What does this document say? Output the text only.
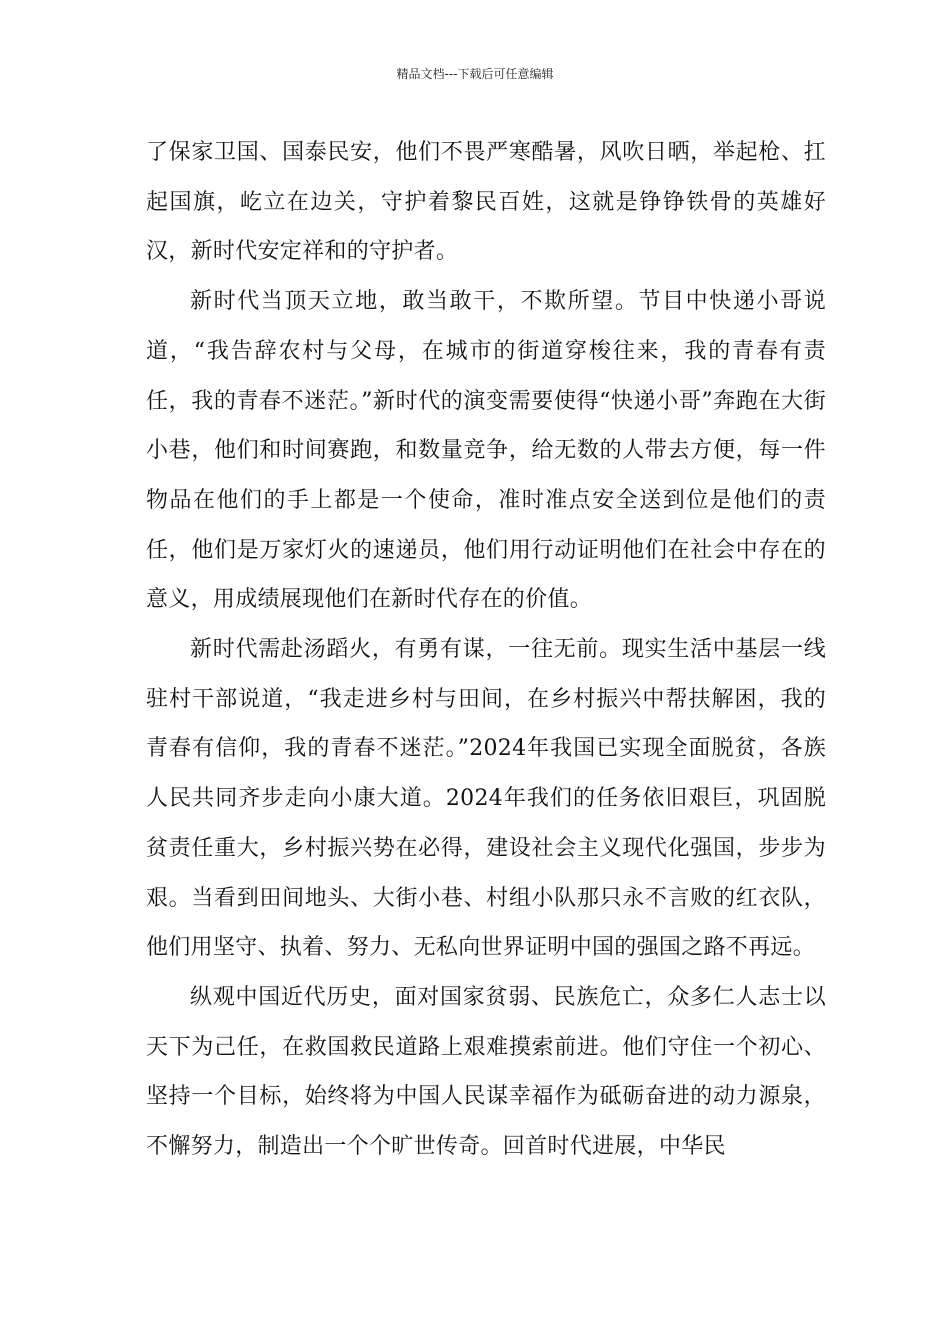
精品文档---下载后可任意编辑

了保家卫国、国泰民安，他们不畏严寒酷暑，风吹日晒，举起枪、扛起国旗，屹立在边关，守护着黎民百姓，这就是铮铮铁骨的英雄好汉，新时代安定祥和的守护者。

新时代当顶天立地，敢当敢干，不欺所望。节目中快递小哥说道，“我告辞农村与父母，在城市的街道穿梭往来，我的青春有责任，我的青春不迷茫。”新时代的演变需要使得“快递小哥”奔跑在大街小巷，他们和时间赛跑，和数量竞争，给无数的人带去方便，每一件物品在他们的手上都是一个使命，准时准点安全送到位是他们的责任，他们是万家灯火的速递员，他们用行动证明他们在社会中存在的意义，用成绩展现他们在新时代存在的价值。

新时代需赴汤蹈火，有勇有谋，一往无前。现实生活中基层一线驻村干部说道，“我走进乡村与田间，在乡村振兴中帮扶解困，我的青春有信仰，我的青春不迷茫。”2024年我国已实现全面脱贫，各族人民共同齐步走向小康大道。2024年我们的任务依旧艰巨，巩固脱贫责任重大，乡村振兴势在必得，建设社会主义现代化强国，步步为艰。当看到田间地头、大街小巷、村组小队那只永不言败的红衣队，他们用坚守、执着、努力、无私向世界证明中国的强国之路不再远。

纵观中国近代历史，面对国家贫弱、民族危亡，众多仁人志士以天下为己任，在救国救民道路上艰难摸索前进。他们守住一个初心、坚持一个目标，始终将为中国人民谋幸福作为砥砺奋进的动力源泉，不懈努力，制造出一个个旷世传奇。回首时代进展，中华民
